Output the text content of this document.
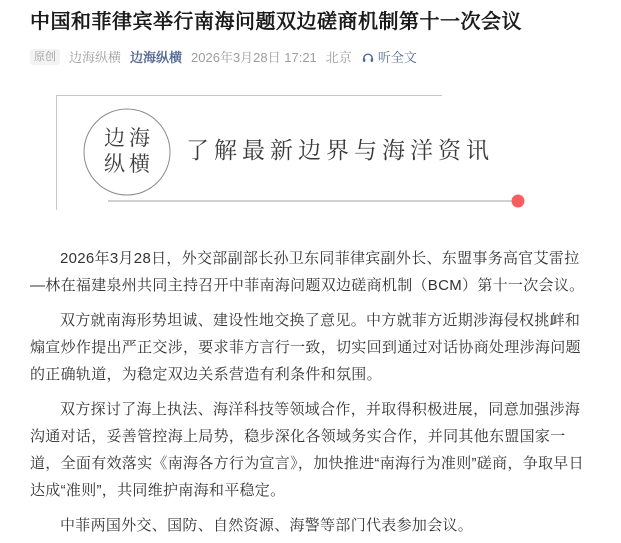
中国和菲律宾举行南海问题双边磋商机制第十一次会议
原创	边海纵横 边海纵横 2026年3月28日 17:21 北京 听全文
边海
纵横 了解最新边界与海洋资讯

2026年3月28日，外交部副部长孙卫东同菲律宾副外长、东盟事务高官艾雷拉—林在福建泉州共同主持召开中菲南海问题双边磋商机制（BCM）第十一次会议。

双方就南海形势坦诚、建设性地交换了意见。中方就菲方近期涉海侵权挑衅和煽宣炒作提出严正交涉，要求菲方言行一致，切实回到通过对话协商处理涉海问题的正确轨道，为稳定双边关系营造有利条件和氛围。

双方探讨了海上执法、海洋科技等领域合作，并取得积极进展，同意加强涉海沟通对话，妥善管控海上局势，稳步深化各领域务实合作，并同其他东盟国家一道，全面有效落实《南海各方行为宣言》，加快推进“南海行为准则”磋商，争取早日达成“准则”，共同维护南海和平稳定。

中菲两国外交、国防、自然资源、海警等部门代表参加会议。
